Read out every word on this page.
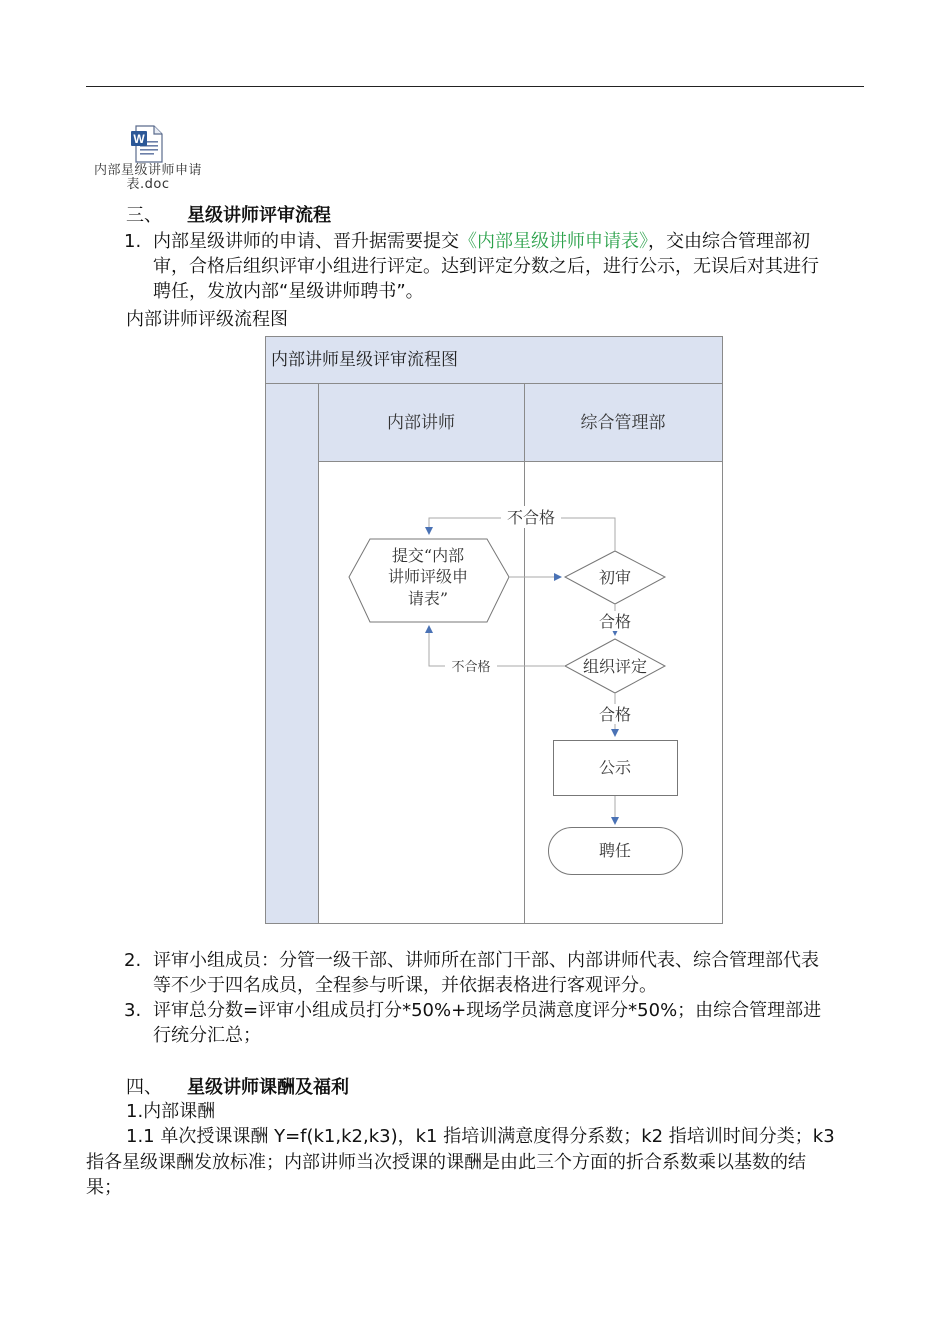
W
内部星级讲师申请
表.doc
三、 星级讲师评审流程
1. 内部星级讲师的申请、晋升据需要提交《内部星级讲师申请表》，交由综合管理部初
审，合格后组织评审小组进行评定。达到评定分数之后，进行公示，无误后对其进行
聘任，发放内部“星级讲师聘书”。
内部讲师评级流程图
内部讲师星级评审流程图
内部讲师	综合管理部
提交“内部
讲师评级申
请表”
初审
组织评定
公示
聘任
不合格
合格
不合格
合格
2. 评审小组成员：分管一级干部、讲师所在部门干部、内部讲师代表、综合管理部代表
等不少于四名成员，全程参与听课，并依据表格进行客观评分。
3. 评审总分数=评审小组成员打分*50%+现场学员满意度评分*50%；由综合管理部进
行统分汇总；
四、 星级讲师课酬及福利
1.内部课酬
1.1 单次授课课酬 Y=f(k1,k2,k3)，k1 指培训满意度得分系数；k2 指培训时间分类；k3
指各星级课酬发放标准；内部讲师当次授课的课酬是由此三个方面的折合系数乘以基数的结
果；
